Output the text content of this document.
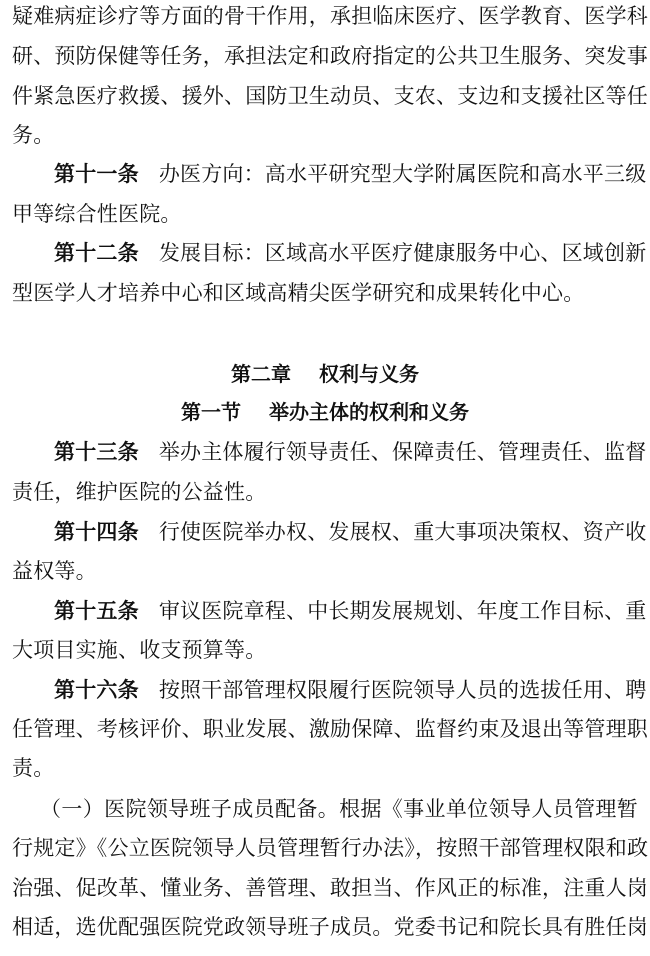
疑难病症诊疗等方面的骨干作用，承担临床医疗、医学教育、医学科
研、预防保健等任务，承担法定和政府指定的公共卫生服务、突发事
件紧急医疗救援、援外、国防卫生动员、支农、支边和支援社区等任
务。
第十一条 办医方向：高水平研究型大学附属医院和高水平三级
甲等综合性医院。
第十二条 发展目标：区域高水平医疗健康服务中心、区域创新
型医学人才培养中心和区域高精尖医学研究和成果转化中心。
第二章 权利与义务
第一节 举办主体的权利和义务
第十三条 举办主体履行领导责任、保障责任、管理责任、监督
责任，维护医院的公益性。
第十四条 行使医院举办权、发展权、重大事项决策权、资产收
益权等。
第十五条 审议医院章程、中长期发展规划、年度工作目标、重
大项目实施、收支预算等。
第十六条 按照干部管理权限履行医院领导人员的选拔任用、聘
任管理、考核评价、职业发展、激励保障、监督约束及退出等管理职
责。
（一）医院领导班子成员配备。根据《事业单位领导人员管理暂
行规定》《公立医院领导人员管理暂行办法》，按照干部管理权限和政
治强、促改革、懂业务、善管理、敢担当、作风正的标准，注重人岗
相适，选优配强医院党政领导班子成员。党委书记和院长具有胜任岗
